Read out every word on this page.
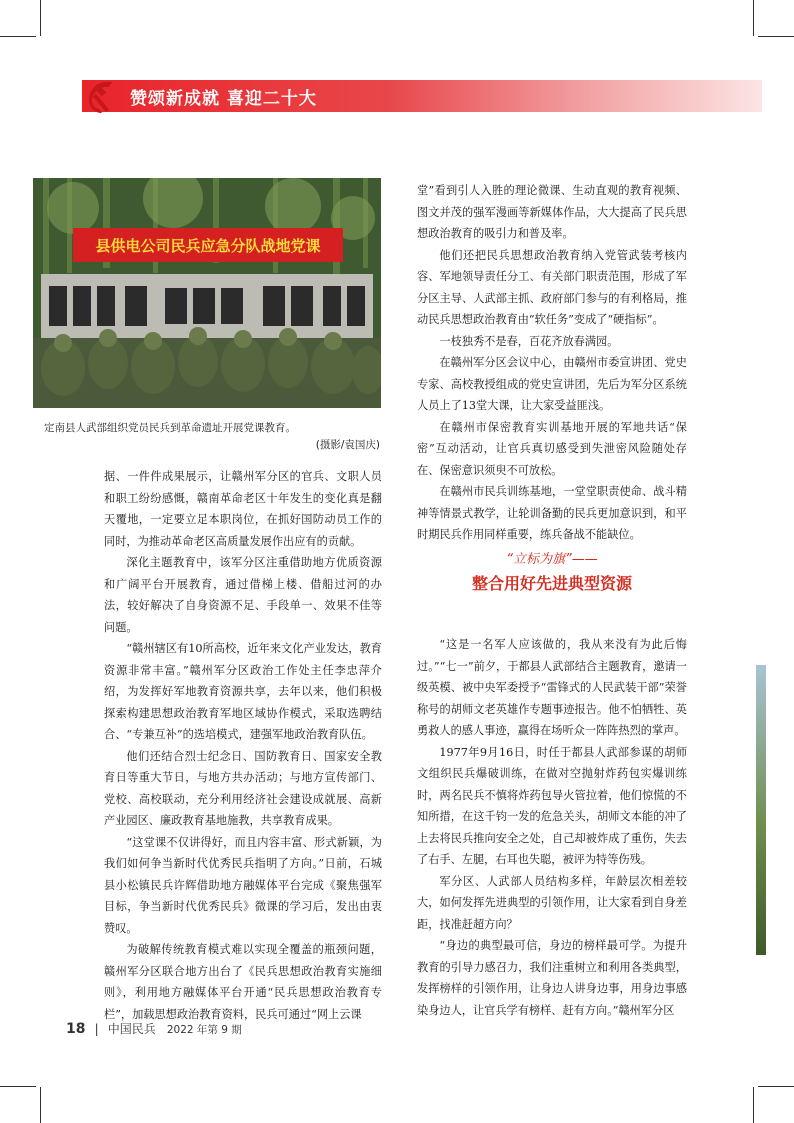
赞颂新成就 喜迎二十大
县供电公司民兵应急分队战地党课
定南县人武部组织党员民兵到革命遗址开展党课教育。
(摄影/袁国庆)

据、一件件成果展示，让赣州军分区的官兵、文职人员和职工纷纷感慨，赣南革命老区十年发生的变化真是翻天覆地，一定要立足本职岗位，在抓好国防动员工作的同时，为推动革命老区高质量发展作出应有的贡献。

深化主题教育中，该军分区注重借助地方优质资源和广阔平台开展教育，通过借梯上楼、借船过河的办法，较好解决了自身资源不足、手段单一、效果不佳等问题。

“赣州辖区有10所高校，近年来文化产业发达，教育资源非常丰富。”赣州军分区政治工作处主任李忠萍介绍，为发挥好军地教育资源共享，去年以来，他们积极探索构建思想政治教育军地区域协作模式，采取选聘结合、“专兼互补”的选培模式，建强军地政治教育队伍。

他们还结合烈士纪念日、国防教育日、国家安全教育日等重大节日，与地方共办活动；与地方宣传部门、党校、高校联动，充分利用经济社会建设成就展、高新产业园区、廉政教育基地施教，共享教育成果。

“这堂课不仅讲得好，而且内容丰富、形式新颖，为我们如何争当新时代优秀民兵指明了方向。”日前，石城县小松镇民兵许辉借助地方融媒体平台完成《聚焦强军目标，争当新时代优秀民兵》微课的学习后，发出由衷赞叹。

为破解传统教育模式难以实现全覆盖的瓶颈问题，赣州军分区联合地方出台了《民兵思想政治教育实施细则》，利用地方融媒体平台开通“民兵思想政治教育专栏”，加载思想政治教育资料，民兵可通过“网上云课

堂”看到引人入胜的理论微课、生动直观的教育视频、图文并茂的强军漫画等新媒体作品，大大提高了民兵思想政治教育的吸引力和普及率。

他们还把民兵思想政治教育纳入党管武装考核内容、军地领导责任分工、有关部门职责范围，形成了军分区主导、人武部主抓、政府部门参与的有利格局，推动民兵思想政治教育由“软任务”变成了“硬指标”。

一枝独秀不是春，百花齐放春满园。

在赣州军分区会议中心，由赣州市委宣讲团、党史专家、高校教授组成的党史宣讲团，先后为军分区系统人员上了13堂大课，让大家受益匪浅。

在赣州市保密教育实训基地开展的军地共话“保密”互动活动，让官兵真切感受到失泄密风险随处存在、保密意识须臾不可放松。

在赣州市民兵训练基地，一堂堂职责使命、战斗精神等情景式教学，让轮训备勤的民兵更加意识到，和平时期民兵作用同样重要，练兵备战不能缺位。

“立标为旗”——
整合用好先进典型资源

“这是一名军人应该做的，我从来没有为此后悔过。”“七一”前夕，于都县人武部结合主题教育，邀请一级英模、被中央军委授予“雷锋式的人民武装干部”荣誉称号的胡师文老英雄作专题事迹报告。他不怕牺牲、英勇救人的感人事迹，赢得在场听众一阵阵热烈的掌声。

1977年9月16日，时任于都县人武部参谋的胡师文组织民兵爆破训练，在做对空抛射炸药包实爆训练时，两名民兵不慎将炸药包导火管拉着，他们惊慌的不知所措，在这千钧一发的危急关头，胡师文本能的冲了上去将民兵推向安全之处，自己却被炸成了重伤，失去了右手、左腿，右耳也失聪，被评为特等伤残。

军分区、人武部人员结构多样，年龄层次相差较大，如何发挥先进典型的引领作用，让大家看到自身差距，找准赶超方向？

“身边的典型最可信，身边的榜样最可学。为提升教育的引导力感召力，我们注重树立和利用各类典型，发挥榜样的引领作用，让身边人讲身边事，用身边事感染身边人，让官兵学有榜样、赶有方向。”赣州军分区

18 | 中国民兵 2022 年第 9 期
